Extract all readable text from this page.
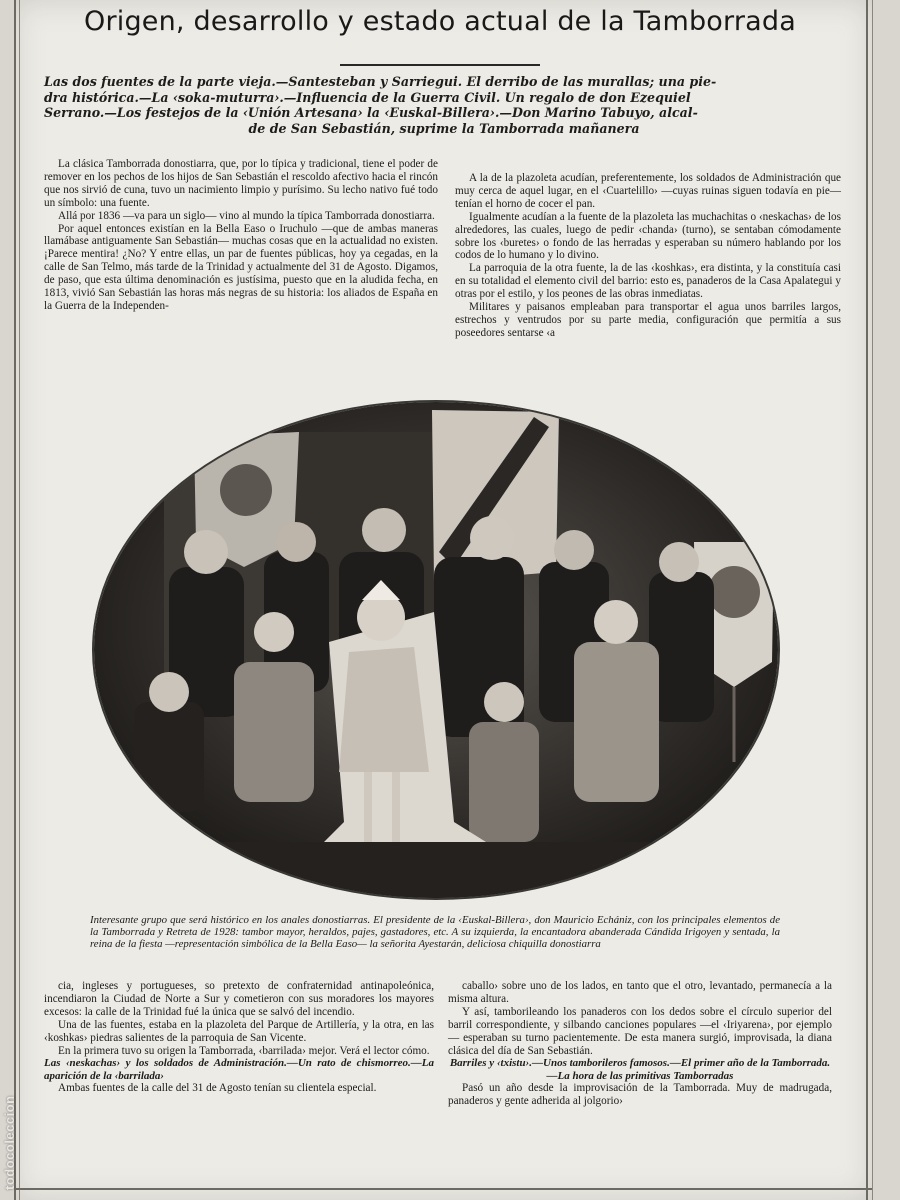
todocoleccion
Origen, desarrollo y estado actual de la Tamborrada
Las dos fuentes de la parte vieja.—Santesteban y Sarriegui. El derribo de las murallas; una pie-
dra histórica.—La ‹soka-muturra›.—Influencia de la Guerra Civil. Un regalo de don Ezequiel
Serrano.—Los festejos de la ‹Unión Artesana› la ‹Euskal-Billera›.—Don Marino Tabuyo, alcal-
de de San Sebastián, suprime la Tamborrada mañanera

La clásica Tamborrada donostiarra, que, por lo típica y tradicional, tiene el poder de remover en los pechos de los hijos de San Sebastián el rescoldo afectivo hacia el rincón que nos sirvió de cuna, tuvo un nacimiento limpio y purísimo. Su lecho nativo fué todo un símbolo: una fuente.

Allá por 1836 —va para un siglo— vino al mundo la típica Tamborrada donostiarra.

Por aquel entonces existían en la Bella Easo o Iruchulo —que de ambas maneras llamábase antiguamente San Sebastián— muchas cosas que en la actualidad no existen. ¡Parece mentira! ¿No? Y entre ellas, un par de fuentes públicas, hoy ya cegadas, en la calle de San Telmo, más tarde de la Trinidad y actualmente del 31 de Agosto. Digamos, de paso, que esta última denominación es justísima, puesto que en la aludida fecha, en 1813, vivió San Sebastián las horas más negras de su historia: los aliados de España en la Guerra de la Independen-

A la de la plazoleta acudían, preferentemente, los soldados de Administración que muy cerca de aquel lugar, en el ‹Cuartelillo› —cuyas ruinas siguen todavía en pie— tenían el horno de cocer el pan.

Igualmente acudían a la fuente de la plazoleta las muchachitas o ‹neskachas› de los alrededores, las cuales, luego de pedir ‹chanda› (turno), se sentaban cómodamente sobre los ‹buretes› o fondo de las herradas y esperaban su número hablando por los codos de lo humano y lo divino.

La parroquia de la otra fuente, la de las ‹koshkas›, era distinta, y la constituía casi en su totalidad el elemento civil del barrio: esto es, panaderos de la Casa Apalategui y otras por el estilo, y los peones de las obras inmediatas.

Militares y paisanos empleaban para transportar el agua unos barriles largos, estrechos y ventrudos por su parte media, configuración que permitía a sus poseedores sentarse ‹a

Interesante grupo que será histórico en los anales donostiarras. El presidente de la ‹Euskal-Billera›, don Mauricio Echániz, con los principales elementos de la Tamborrada y Retreta de 1928: tambor mayor, heraldos, pajes, gastadores, etc. A su izquierda, la encantadora abanderada Cándida Irigoyen y sentada, la reina de la fiesta —representación simbólica de la Bella Easo— la señorita Ayestarán, deliciosa chiquilla donostiarra

cia, ingleses y portugueses, so pretexto de confraternidad antinapoleónica, incendiaron la Ciudad de Norte a Sur y cometieron con sus moradores los mayores excesos: la calle de la Trinidad fué la única que se salvó del incendio.

Una de las fuentes, estaba en la plazoleta del Parque de Artillería, y la otra, en las ‹koshkas› piedras salientes de la parroquia de San Vicente.

En la primera tuvo su origen la Tamborrada, ‹barrilada› mejor. Verá el lector cómo.

Las ‹neskachas› y los soldados de Administración.—Un rato de chismorreo.—La aparición de la ‹barrilada›

Ambas fuentes de la calle del 31 de Agosto tenían su clientela especial.

caballo› sobre uno de los lados, en tanto que el otro, levantado, permanecía a la misma altura.

Y así, tamborileando los panaderos con los dedos sobre el círculo superior del barril correspondiente, y silbando canciones populares —el ‹Iriyarena›, por ejemplo— esperaban su turno pacientemente. De esta manera surgió, improvisada, la diana clásica del día de San Sebastián.

Barriles y ‹txistu›.—Unos tamborileros famosos.—El primer año de la Tamborrada.—La hora de las primitivas Tamborradas

Pasó un año desde la improvisación de la Tamborrada. Muy de madrugada, panaderos y gente adherida al jolgorio›
